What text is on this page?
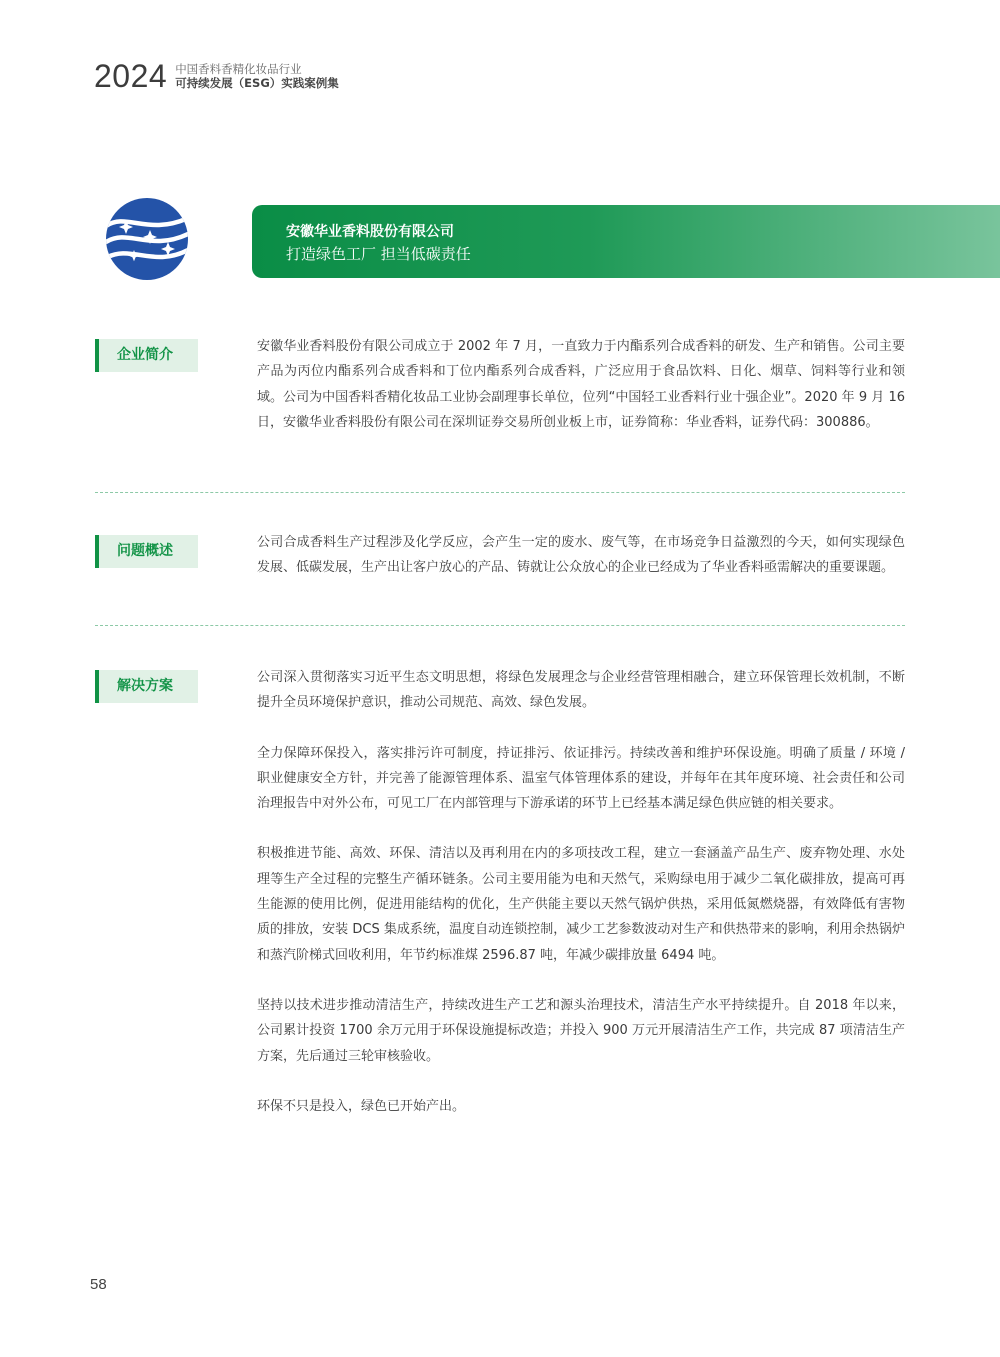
2024 中国香料香精化妆品行业
可持续发展（ESG）实践案例集
安徽华业香料股份有限公司
打造绿色工厂 担当低碳责任
企业简介

安徽华业香料股份有限公司成立于 2002 年 7 月，一直致力于内酯系列合成香料的研发、生产和销售。公司主要产品为丙位内酯系列合成香料和丁位内酯系列合成香料，广泛应用于食品饮料、日化、烟草、饲料等行业和领域。公司为中国香料香精化妆品工业协会副理事长单位，位列“中国轻工业香料行业十强企业”。2020 年 9 月 16 日，安徽华业香料股份有限公司在深圳证券交易所创业板上市，证券简称：华业香料，证券代码：300886。

问题概述

公司合成香料生产过程涉及化学反应，会产生一定的废水、废气等，在市场竞争日益激烈的今天，如何实现绿色发展、低碳发展，生产出让客户放心的产品、铸就让公众放心的企业已经成为了华业香料亟需解决的重要课题。

解决方案

公司深入贯彻落实习近平生态文明思想，将绿色发展理念与企业经营管理相融合，建立环保管理长效机制，不断提升全员环境保护意识，推动公司规范、高效、绿色发展。

全力保障环保投入，落实排污许可制度，持证排污、依证排污。持续改善和维护环保设施。明确了质量 / 环境 / 职业健康安全方针，并完善了能源管理体系、温室气体管理体系的建设，并每年在其年度环境、社会责任和公司治理报告中对外公布，可见工厂在内部管理与下游承诺的环节上已经基本满足绿色供应链的相关要求。

积极推进节能、高效、环保、清洁以及再利用在内的多项技改工程，建立一套涵盖产品生产、废弃物处理、水处理等生产全过程的完整生产循环链条。公司主要用能为电和天然气，采购绿电用于减少二氧化碳排放，提高可再生能源的使用比例，促进用能结构的优化，生产供能主要以天然气锅炉供热，采用低氮燃烧器，有效降低有害物质的排放，安装 DCS 集成系统，温度自动连锁控制，减少工艺参数波动对生产和供热带来的影响，利用余热锅炉和蒸汽阶梯式回收利用，年节约标准煤 2596.87 吨，年减少碳排放量 6494 吨。

坚持以技术进步推动清洁生产，持续改进生产工艺和源头治理技术，清洁生产水平持续提升。自 2018 年以来，公司累计投资 1700 余万元用于环保设施提标改造；并投入 900 万元开展清洁生产工作，共完成 87 项清洁生产方案，先后通过三轮审核验收。

环保不只是投入，绿色已开始产出。

58
